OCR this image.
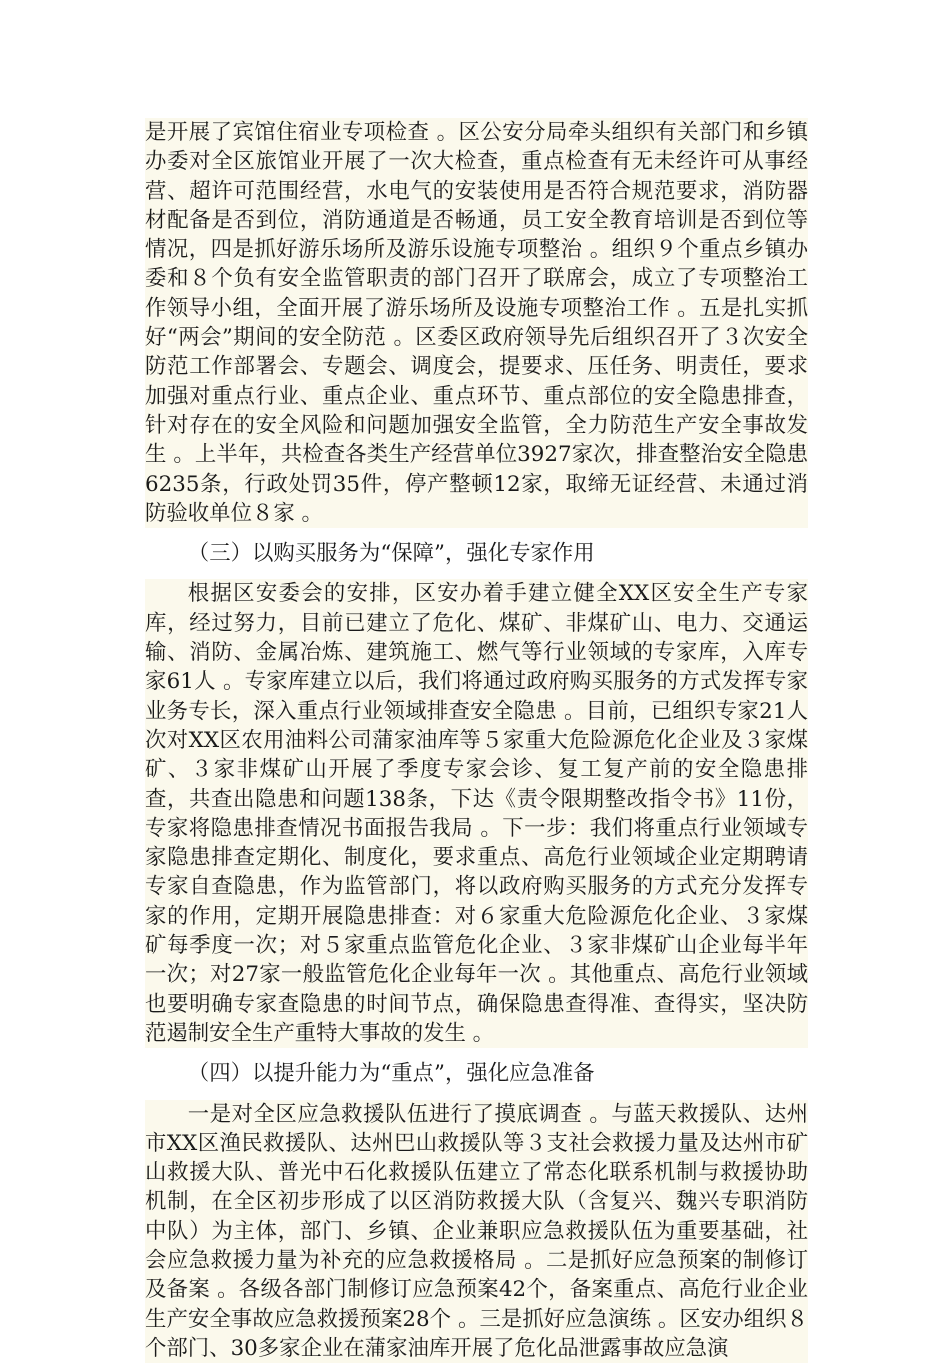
是开展了宾馆住宿业专项检查 。区公安分局牵头组织有关部门和乡镇办委对全区旅馆业开展了一次大检查，重点检查有无未经许可从事经营、超许可范围经营，水电气的安装使用是否符合规范要求，消防器材配备是否到位，消防通道是否畅通，员工安全教育培训是否到位等情况，四是抓好游乐场所及游乐设施专项整治 。组织９个重点乡镇办委和８个负有安全监管职责的部门召开了联席会，成立了专项整治工作领导小组，全面开展了游乐场所及设施专项整治工作 。五是扎实抓好“两会”期间的安全防范 。区委区政府领导先后组织召开了３次安全防范工作部署会、专题会、调度会，提要求、压任务、明责任，要求加强对重点行业、重点企业、重点环节、重点部位的安全隐患排查，针对存在的安全风险和问题加强安全监管，全力防范生产安全事故发生 。上半年，共检查各类生产经营单位3927家次，排查整治安全隐患6235条，行政处罚35件，停产整顿12家，取缔无证经营、未通过消防验收单位８家 。

（三）以购买服务为“保障”，强化专家作用

根据区安委会的安排，区安办着手建立健全XX区安全生产专家库，经过努力，目前已建立了危化、煤矿、非煤矿山、电力、交通运输、消防、金属冶炼、建筑施工、燃气等行业领域的专家库，入库专家61人 。专家库建立以后，我们将通过政府购买服务的方式发挥专家业务专长，深入重点行业领域排查安全隐患 。目前，已组织专家21人次对XX区农用油料公司蒲家油库等５家重大危险源危化企业及３家煤矿、３家非煤矿山开展了季度专家会诊、复工复产前的安全隐患排查，共查出隐患和问题138条，下达《责令限期整改指令书》11份，专家将隐患排查情况书面报告我局 。下一步：我们将重点行业领域专家隐患排查定期化、制度化，要求重点、高危行业领域企业定期聘请专家自查隐患，作为监管部门，将以政府购买服务的方式充分发挥专家的作用，定期开展隐患排查：对６家重大危险源危化企业、３家煤矿每季度一次；对５家重点监管危化企业、３家非煤矿山企业每半年一次；对27家一般监管危化企业每年一次 。其他重点、高危行业领域也要明确专家查隐患的时间节点，确保隐患查得准、查得实，坚决防范遏制安全生产重特大事故的发生 。

（四）以提升能力为“重点”，强化应急准备

一是对全区应急救援队伍进行了摸底调查 。与蓝天救援队、达州市XX区渔民救援队、达州巴山救援队等３支社会救援力量及达州市矿山救援大队、普光中石化救援队伍建立了常态化联系机制与救援协助机制，在全区初步形成了以区消防救援大队（含复兴、魏兴专职消防中队）为主体，部门、乡镇、企业兼职应急救援队伍为重要基础，社会应急救援力量为补充的应急救援格局 。二是抓好应急预案的制修订及备案 。各级各部门制修订应急预案42个，备案重点、高危行业企业生产安全事故应急救援预案28个 。三是抓好应急演练 。区安办组织８个部门、30多家企业在蒲家油库开展了危化品泄露事故应急演
